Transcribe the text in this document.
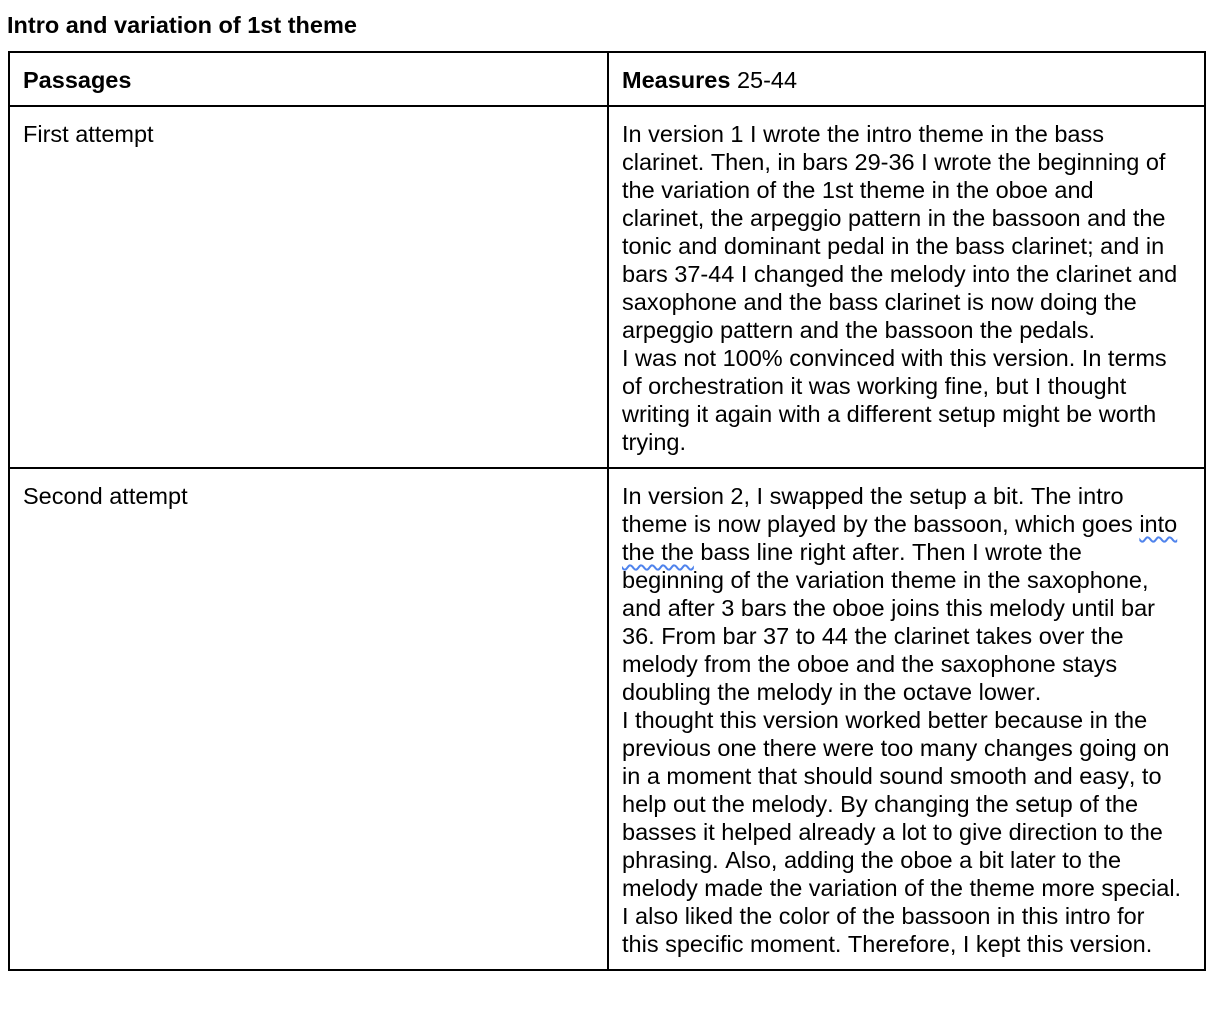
Intro and variation of 1st theme
Passages	Measures 25-44
First attempt	In version 1 I wrote the intro theme in the bass clarinet. Then, in bars 29-36 I wrote the beginning of the variation of the 1st theme in the oboe and clarinet, the arpeggio pattern in the bassoon and the tonic and dominant pedal in the bass clarinet; and in bars 37-44 I changed the melody into the clarinet and saxophone and the bass clarinet is now doing the arpeggio pattern and the bassoon the pedals.

I was not 100% convinced with this version. In terms of orchestration it was working fine, but I thought writing it again with a different setup might be worth trying.

Second attempt	In version 2, I swapped the setup a bit. The intro theme is now played by the bassoon, which goes into the the bass line right after. Then I wrote the beginning of the variation theme in the saxophone, and after 3 bars the oboe joins this melody until bar 36. From bar 37 to 44 the clarinet takes over the melody from the oboe and the saxophone stays doubling the melody in the octave lower.

I thought this version worked better because in the previous one there were too many changes going on in a moment that should sound smooth and easy, to help out the melody. By changing the setup of the basses it helped already a lot to give direction to the phrasing. Also, adding the oboe a bit later to the melody made the variation of the theme more special. I also liked the color of the bassoon in this intro for this specific moment. Therefore, I kept this version.
